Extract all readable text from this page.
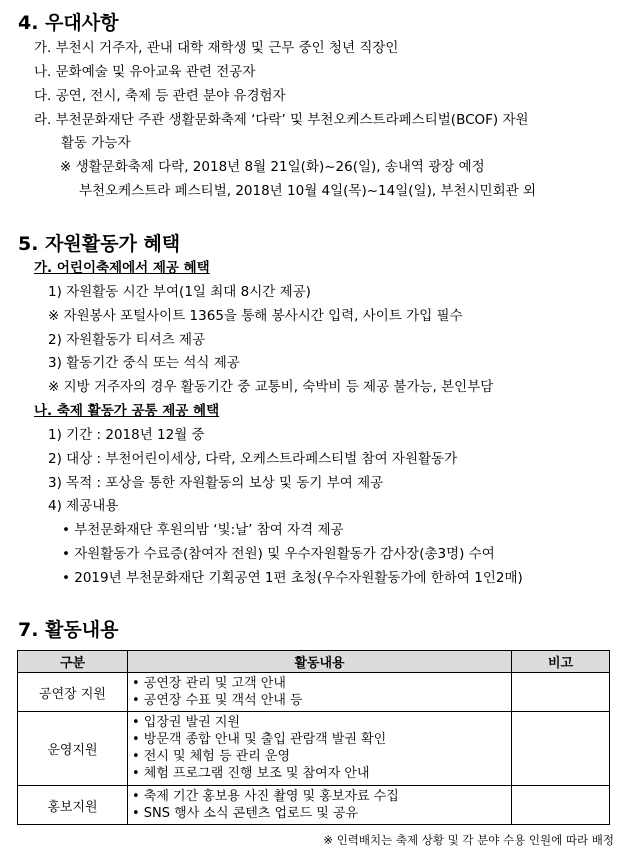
4. 우대사항
가. 부천시 거주자, 관내 대학 재학생 및 근무 중인 청년 직장인
나. 문화예술 및 유아교육 관련 전공자
다. 공연, 전시, 축제 등 관련 분야 유경험자
라. 부천문화재단 주관 생활문화축제 ‘다락’ 및 부천오케스트라페스티벌(BCOF) 자원
활동 가능자
※ 생활문화축제 다락, 2018년 8월 21일(화)~26(일), 송내역 광장 예정
부천오케스트라 페스티벌, 2018년 10월 4일(목)~14일(일), 부천시민회관 외
5. 자원활동가 혜택
가. 어린이축제에서 제공 혜택
1) 자원활동 시간 부여(1일 최대 8시간 제공)
※ 자원봉사 포털사이트 1365을 통해 봉사시간 입력, 사이트 가입 필수
2) 자원활동가 티셔츠 제공
3) 활동기간 중식 또는 석식 제공
※ 지방 거주자의 경우 활동기간 중 교통비, 숙박비 등 제공 불가능, 본인부담
나. 축제 활동가 공통 제공 혜택
1) 기간 : 2018년 12월 중
2) 대상 : 부천어린이세상, 다락, 오케스트라페스티벌 참여 자원활동가
3) 목적 : 포상을 통한 자원활동의 보상 및 동기 부여 제공
4) 제공내용
• 부천문화재단 후원의밤 ‘빛:날’ 참여 자격 제공
• 자원활동가 수료증(참여자 전원) 및 우수자원활동가 감사장(총3명) 수여
• 2019년 부천문화재단 기획공연 1편 초청(우수자원활동가에 한하여 1인2매)
7. 활동내용
구분	활동내용	비고
공연장 지원	• 공연장 관리 및 고객 안내
• 공연장 수표 및 객석 안내 등	

운영지원	• 입장권 발권 지원
• 방문객 종합 안내 및 출입 관람객 발권 확인
• 전시 및 체험 등 관리 운영
• 체험 프로그램 진행 보조 및 참여자 안내	

홍보지원	• 축제 기간 홍보용 사진 촬영 및 홍보자료 수집
• SNS 행사 소식 콘텐츠 업로드 및 공유	

※ 인력배치는 축제 상황 및 각 분야 수용 인원에 따라 배정
